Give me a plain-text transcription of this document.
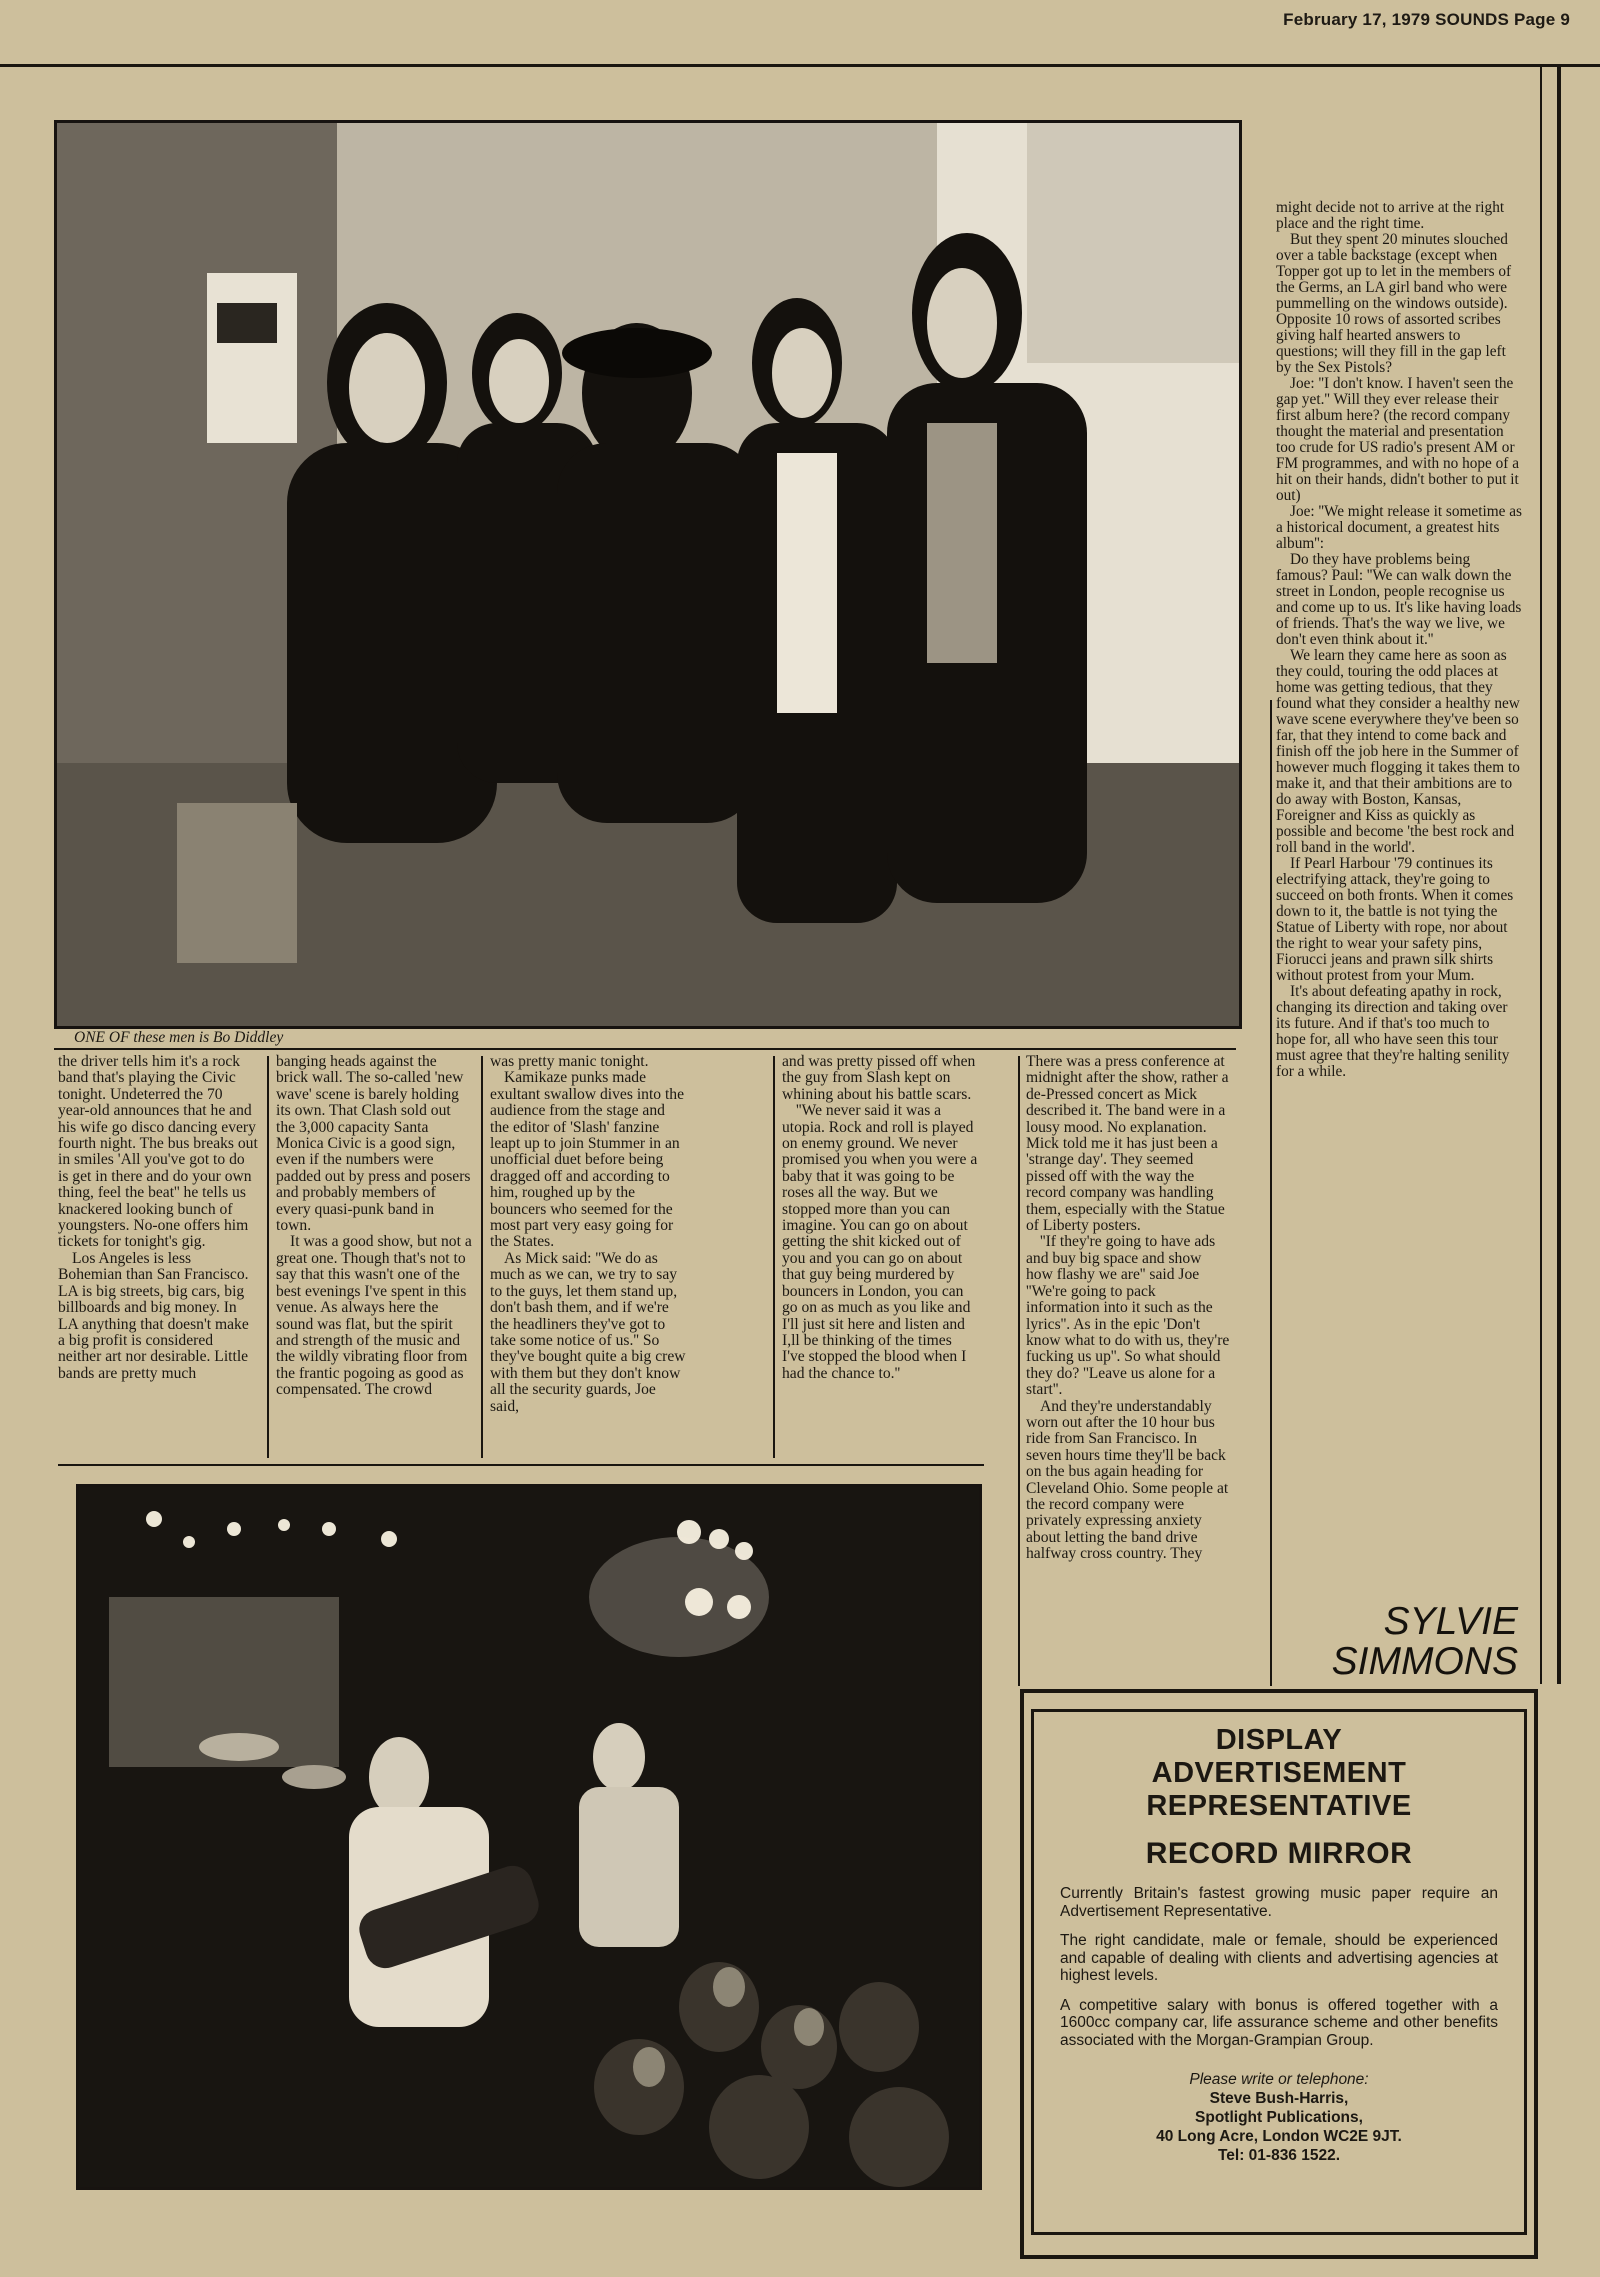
February 17, 1979 SOUNDS Page 9
ONE OF these men is Bo Diddley

the driver tells him it's a rock band that's playing the Civic tonight. Undeterred the 70 year-old announces that he and his wife go disco dancing every fourth night. The bus breaks out in smiles 'All you've got to do is get in there and do your own thing, feel the beat'' he tells us knackered looking bunch of youngsters. No-one offers him tickets for tonight's gig.

Los Angeles is less Bohemian than San Francisco. LA is big streets, big cars, big billboards and big money. In LA anything that doesn't make a big profit is considered neither art nor desirable. Little bands are pretty much

banging heads against the brick wall. The so-called 'new wave' scene is barely holding its own. That Clash sold out the 3,000 capacity Santa Monica Civic is a good sign, even if the numbers were padded out by press and posers and probably members of every quasi-punk band in town.

It was a good show, but not a great one. Though that's not to say that this wasn't one of the best evenings I've spent in this venue. As always here the sound was flat, but the spirit and strength of the music and the wildly vibrating floor from the frantic pogoing as good as compensated. The crowd

was pretty manic tonight.

Kamikaze punks made exultant swallow dives into the audience from the stage and the editor of 'Slash' fanzine leapt up to join Stummer in an unofficial duet before being dragged off and according to him, roughed up by the bouncers who seemed for the most part very easy going for the States.

As Mick said: ''We do as much as we can, we try to say to the guys, let them stand up, don't bash them, and if we're the headliners they've got to take some notice of us.'' So they've bought quite a big crew with them but they don't know all the security guards, Joe said,

and was pretty pissed off when the guy from Slash kept on whining about his battle scars.

''We never said it was a utopia. Rock and roll is played on enemy ground. We never promised you when you were a baby that it was going to be roses all the way. But we stopped more than you can imagine. You can go on about getting the shit kicked out of you and you can go on about that guy being murdered by bouncers in London, you can go on as much as you like and I'll just sit here and listen and I,ll be thinking of the times I've stopped the blood when I had the chance to.''

There was a press conference at midnight after the show, rather a de-Pressed concert as Mick described it. The band were in a lousy mood. No explanation. Mick told me it has just been a 'strange day'. They seemed pissed off with the way the record company was handling them, especially with the Statue of Liberty posters.

''If they're going to have ads and buy big space and show how flashy we are'' said Joe ''We're going to pack information into it such as the lyrics''. As in the epic 'Don't know what to do with us, they're fucking us up''. So what should they do? ''Leave us alone for a start''.

And they're understandably worn out after the 10 hour bus ride from San Francisco. In seven hours time they'll be back on the bus again heading for Cleveland Ohio. Some people at the record company were privately expressing anxiety about letting the band drive halfway cross country. They

might decide not to arrive at the right place and the right time.

But they spent 20 minutes slouched over a table backstage (except when Topper got up to let in the members of the Germs, an LA girl band who were pummelling on the windows outside). Opposite 10 rows of assorted scribes giving half hearted answers to questions; will they fill in the gap left by the Sex Pistols?

Joe: ''I don't know. I haven't seen the gap yet.'' Will they ever release their first album here? (the record company thought the material and presentation too crude for US radio's present AM or FM programmes, and with no hope of a hit on their hands, didn't bother to put it out)

Joe: ''We might release it sometime as a historical document, a greatest hits album'':

Do they have problems being famous? Paul: ''We can walk down the street in London, people recognise us and come up to us. It's like having loads of friends. That's the way we live, we don't even think about it.''

We learn they came here as soon as they could, touring the odd places at home was getting tedious, that they found what they consider a healthy new wave scene everywhere they've been so far, that they intend to come back and finish off the job here in the Summer of however much flogging it takes them to make it, and that their ambitions are to do away with Boston, Kansas, Foreigner and Kiss as quickly as possible and become 'the best rock and roll band in the world'.

If Pearl Harbour '79 continues its electrifying attack, they're going to succeed on both fronts. When it comes down to it, the battle is not tying the Statue of Liberty with rope, nor about the right to wear your safety pins, Fiorucci jeans and prawn silk shirts without protest from your Mum.

It's about defeating apathy in rock, changing its direction and taking over its future. And if that's too much to hope for, all who have seen this tour must agree that they're halting senility for a while.

SYLVIE
SIMMONS
DISPLAY
ADVERTISEMENT
REPRESENTATIVE
RECORD MIRROR

Currently Britain's fastest growing music paper require an Advertisement Representative.

The right candidate, male or female, should be experienced and capable of dealing with clients and advertising agencies at highest levels.

A competitive salary with bonus is offered together with a 1600cc company car, life assurance scheme and other benefits associated with the Morgan-Grampian Group.

Please write or telephone:
Steve Bush-Harris,
Spotlight Publications,
40 Long Acre, London WC2E 9JT.
Tel: 01-836 1522.
